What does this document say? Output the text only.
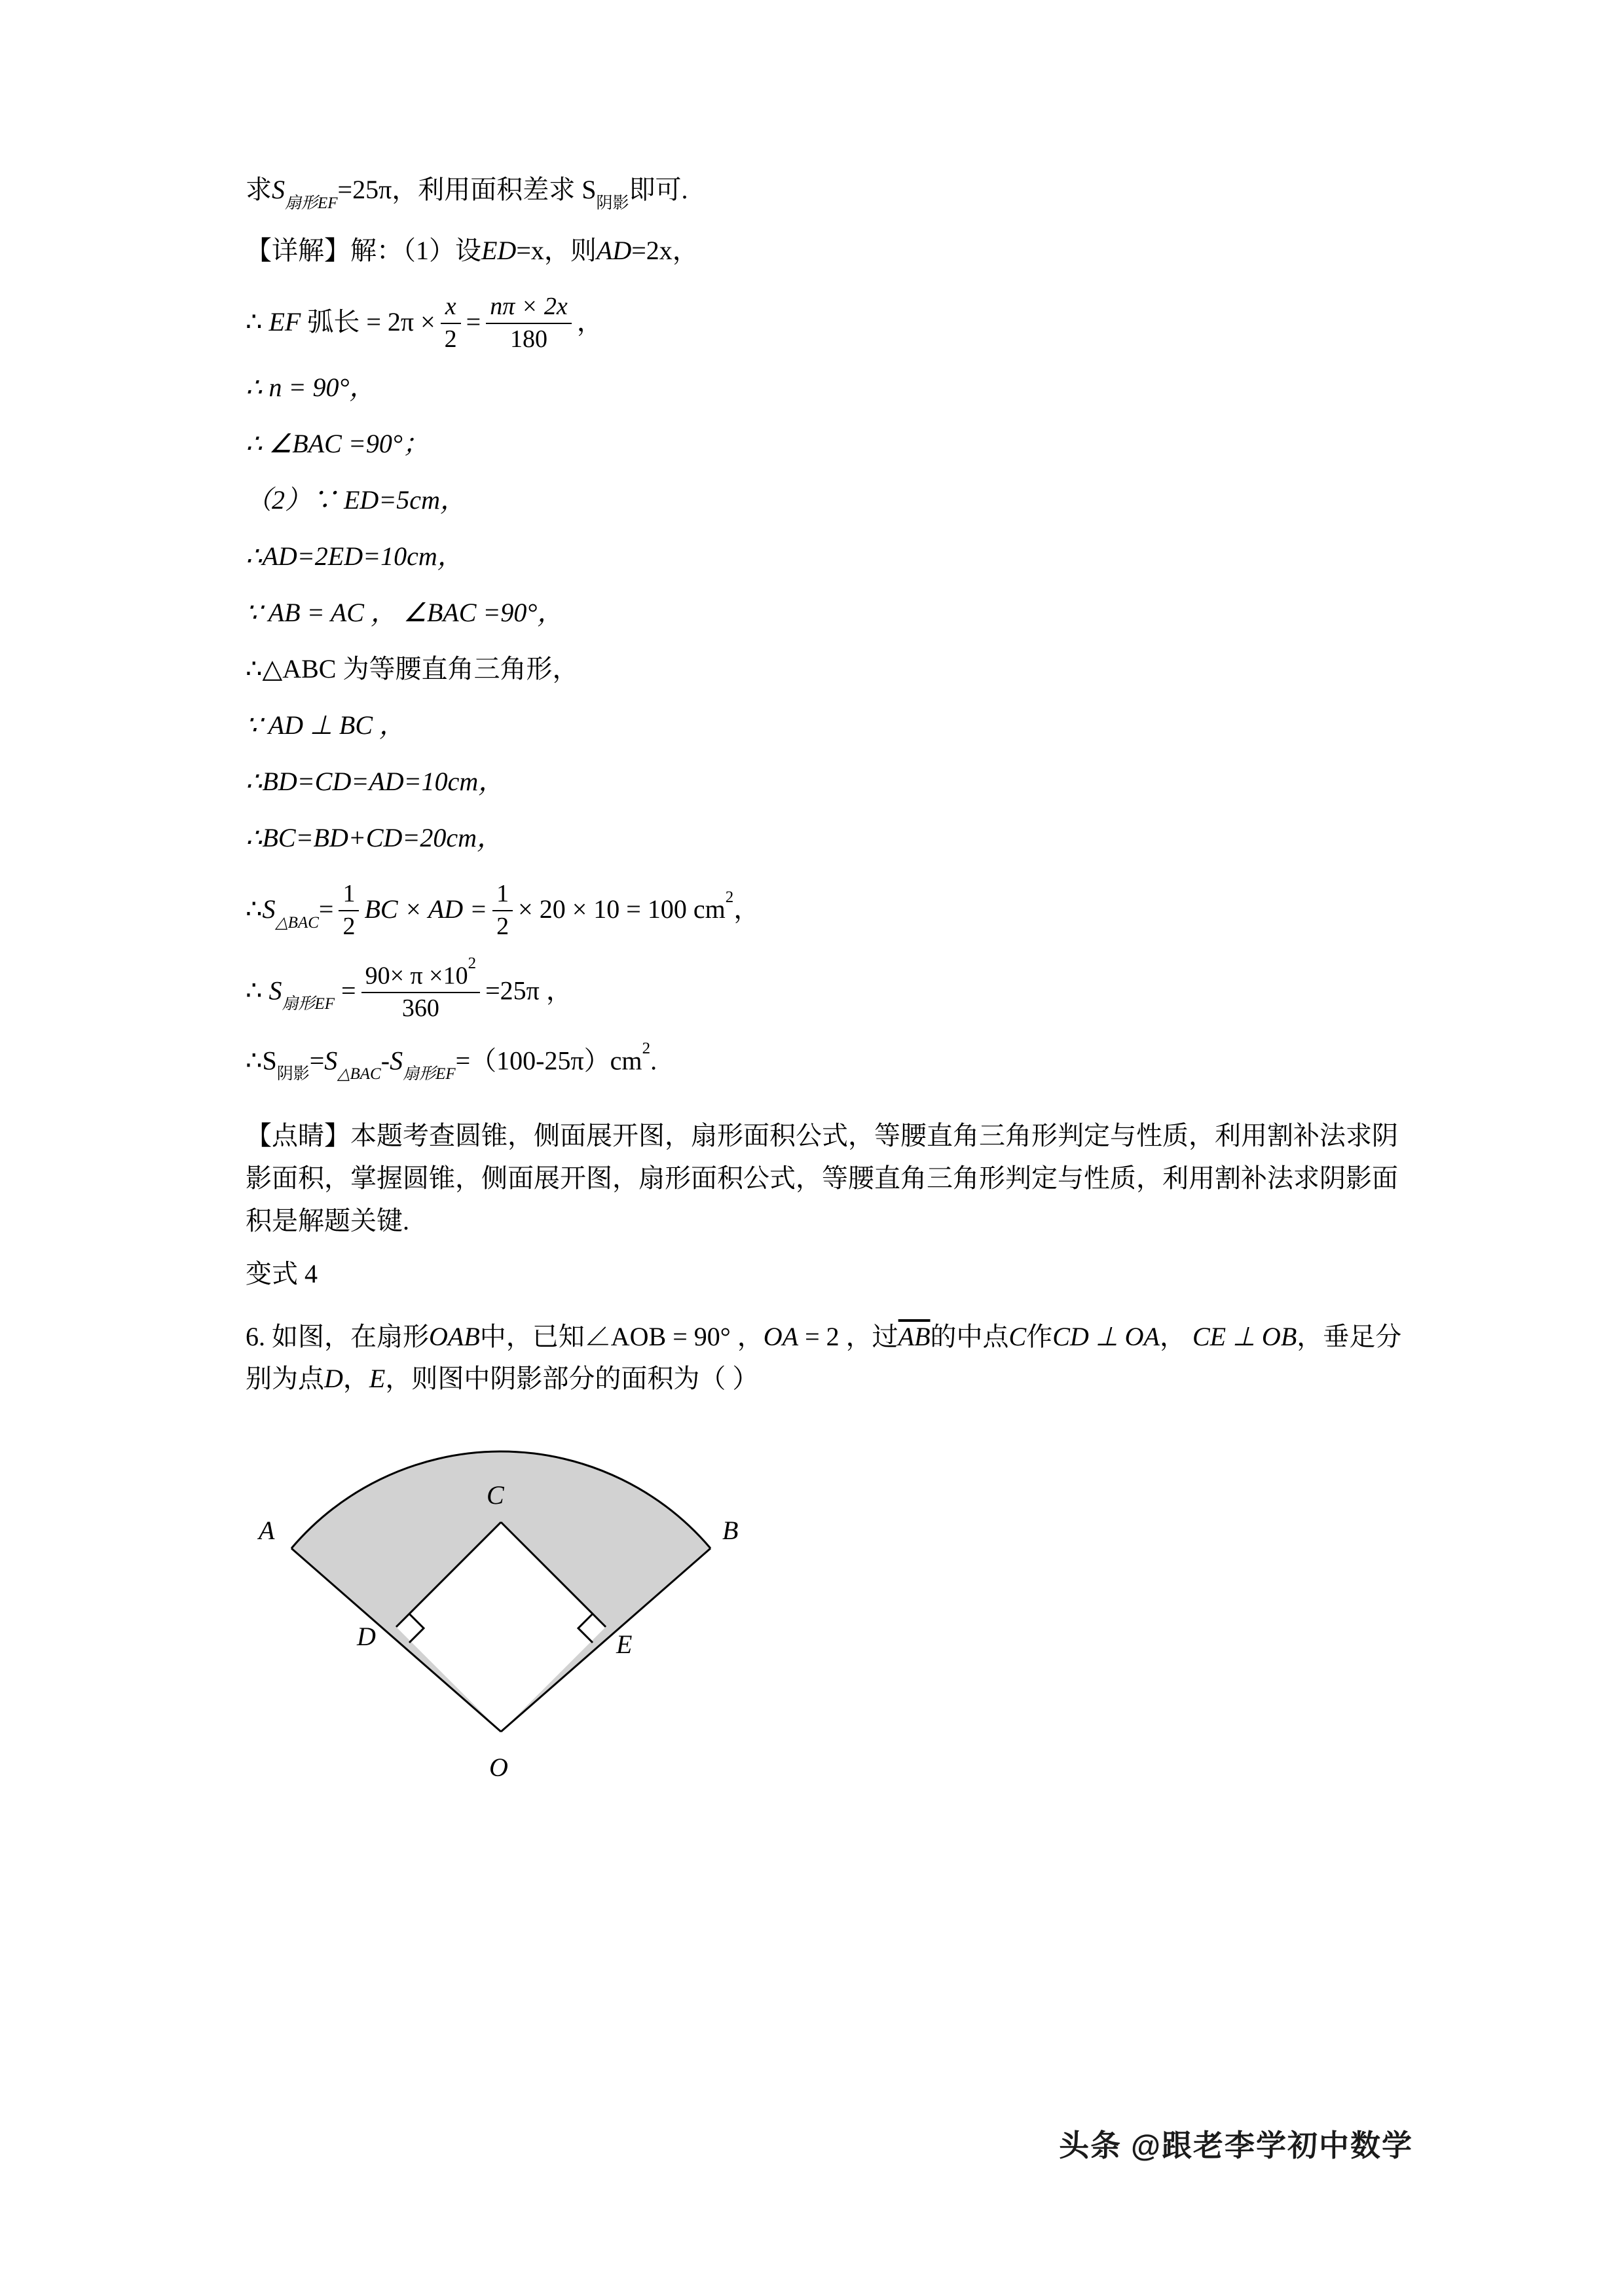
求$S_{扇形EF}=25\pi$，利用面积差求 $S_{阴影}$即可.
【详解】解：（1）设ED=x，则AD=2x，
∴ EF 弧长 = $2\pi \times \frac{x}{2} = \frac{n\pi \times 2x}{180}$ ，
∴ n = 90°，
∴ ∠BAC =90°；
（2）∵ ED=5cm，
∴AD=2ED=10cm，
∵ AB = AC ， ∠BAC =90°，
∴△ABC 为等腰直角三角形，
∵ AD ⊥ BC ，
∴BD=CD=AD=10cm，
∴BC=BD+CD=20cm，
$\therefore S_{\triangle BAC}= \frac{1}{2}$ BC × AD = $\frac{1}{2} \times 20 \times 10 = 100$ $cm^2$，
∴ $S_{扇形EF} = \frac{90\times \pi \times 10^2}{360} =25\pi$ ，
$\therefore S_{阴影}=S_{\triangle BAC}-S_{扇形EF}=(100-25\pi)cm^2$.
【点睛】本题考查圆锥，侧面展开图，扇形面积公式，等腰直角三角形判定与性质，利用割补法求阴影面积，掌握圆锥，侧面展开图，扇形面积公式，等腰直角三角形判定与性质，利用割补法求阴影面积是解题关键.
变式 4
6. 如图，在扇形OAB中，已知∠AOB = 90° ，OA = 2 ，过$\overline{AB}$的中点C作CD ⊥ OA， CE ⊥ OB，垂足分别为点D，E，则图中阴影部分的面积为（ ）
C
A	B
D	E
O
头条 @跟老李学初中数学
